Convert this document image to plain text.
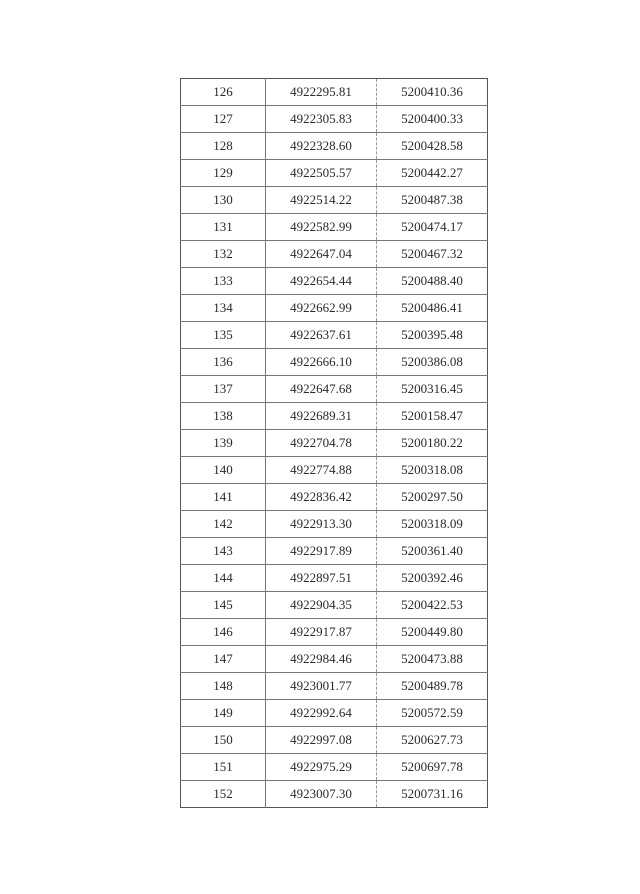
126	4922295.81	5200410.36
127	4922305.83	5200400.33
128	4922328.60	5200428.58
129	4922505.57	5200442.27
130	4922514.22	5200487.38
131	4922582.99	5200474.17
132	4922647.04	5200467.32
133	4922654.44	5200488.40
134	4922662.99	5200486.41
135	4922637.61	5200395.48
136	4922666.10	5200386.08
137	4922647.68	5200316.45
138	4922689.31	5200158.47
139	4922704.78	5200180.22
140	4922774.88	5200318.08
141	4922836.42	5200297.50
142	4922913.30	5200318.09
143	4922917.89	5200361.40
144	4922897.51	5200392.46
145	4922904.35	5200422.53
146	4922917.87	5200449.80
147	4922984.46	5200473.88
148	4923001.77	5200489.78
149	4922992.64	5200572.59
150	4922997.08	5200627.73
151	4922975.29	5200697.78
152	4923007.30	5200731.16
